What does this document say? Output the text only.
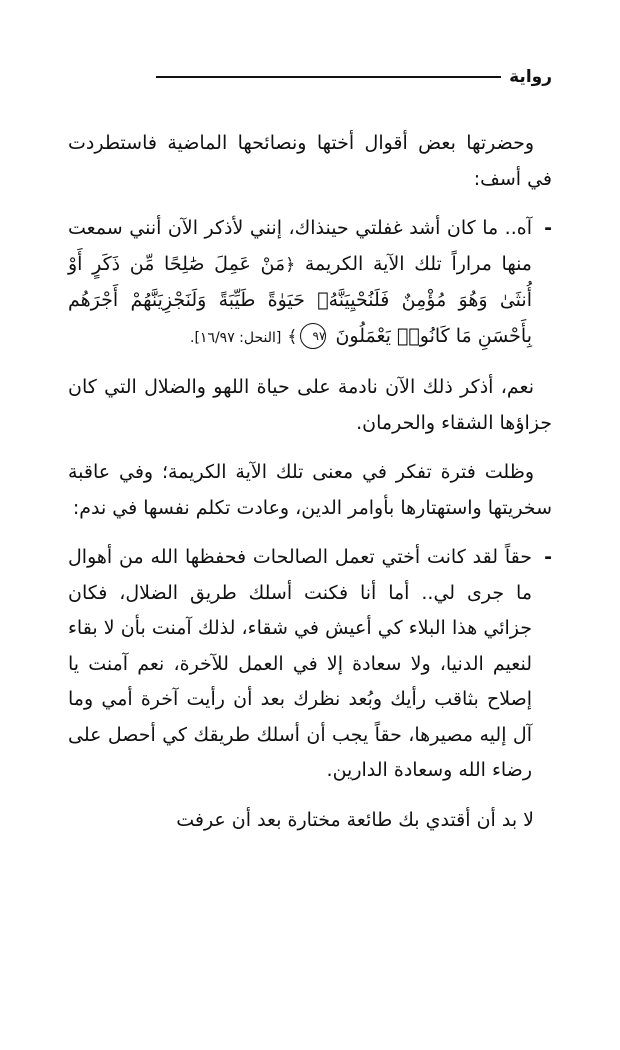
رواية

وحضرتها بعض أقوال أختها ونصائحها الماضية فاستطردت في أسف:

-
آه.. ما كان أشد غفلتي حينذاك، إنني لأذكر الآن أنني سمعت منها مراراً تلك الآية الكريمة ﴿مَنْ عَمِلَ صَٰلِحًا مِّن ذَكَرٍ أَوْ أُنثَىٰ وَهُوَ مُؤْمِنٌ فَلَنُحْيِيَنَّهُۥ حَيَوٰةً طَيِّبَةً وَلَنَجْزِيَنَّهُمْ أَجْرَهُم بِأَحْسَنِ مَا كَانُوا۟ يَعْمَلُونَ ٩٧﴾ [النحل: ١٦/٩٧].

نعم، أذكر ذلك الآن نادمة على حياة اللهو والضلال التي كان جزاؤها الشقاء والحرمان.

وظلت فترة تفكر في معنى تلك الآية الكريمة؛ وفي عاقبة سخريتها واستهتارها بأوامر الدين، وعادت تكلم نفسها في ندم:

-
حقاً لقد كانت أختي تعمل الصالحات فحفظها الله من أهوال ما جرى لي.. أما أنا فكنت أسلك طريق الضلال، فكان جزائي هذا البلاء كي أعيش في شقاء، لذلك آمنت بأن لا بقاء لنعيم الدنيا، ولا سعادة إلا في العمل للآخرة، نعم آمنت يا إصلاح بثاقب رأيك وبُعد نظرك بعد أن رأيت آخرة أمي وما آل إليه مصيرها، حقاً يجب أن أسلك طريقك كي أحصل على رضاء الله وسعادة الدارين.

لا بد أن أقتدي بك طائعة مختارة بعد أن عرفت
